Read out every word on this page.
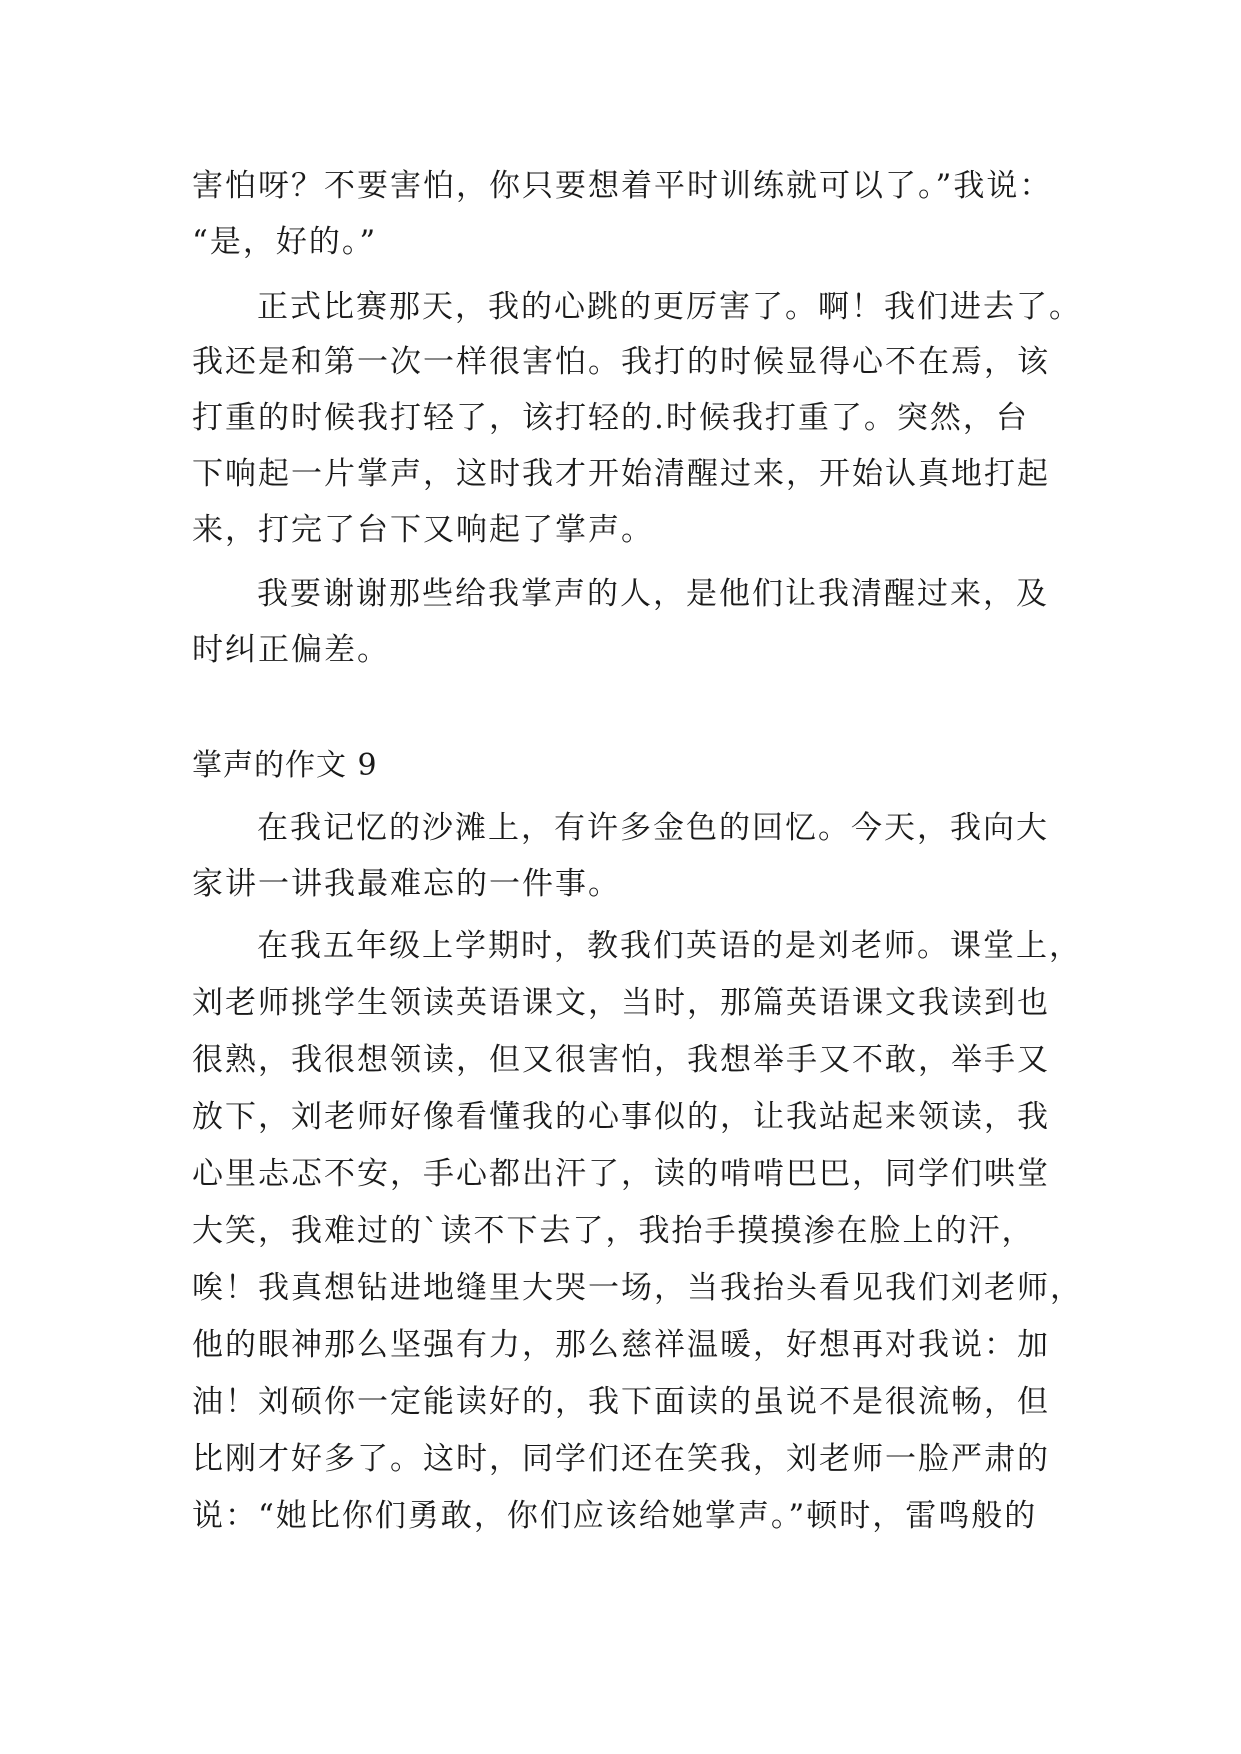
害怕呀？不要害怕，你只要想着平时训练就可以了。”我说：
“是，好的。”
正式比赛那天，我的心跳的更厉害了。啊！我们进去了。
我还是和第一次一样很害怕。我打的时候显得心不在焉，该
打重的时候我打轻了，该打轻的.时候我打重了。突然，台
下响起一片掌声，这时我才开始清醒过来，开始认真地打起
来，打完了台下又响起了掌声。
我要谢谢那些给我掌声的人，是他们让我清醒过来，及
时纠正偏差。
掌声的作文 9
在我记忆的沙滩上，有许多金色的回忆。今天，我向大
家讲一讲我最难忘的一件事。
在我五年级上学期时，教我们英语的是刘老师。课堂上，
刘老师挑学生领读英语课文，当时，那篇英语课文我读到也
很熟，我很想领读，但又很害怕，我想举手又不敢，举手又
放下，刘老师好像看懂我的心事似的，让我站起来领读，我
心里忐忑不安，手心都出汗了，读的啃啃巴巴，同学们哄堂
大笑，我难过的`读不下去了，我抬手摸摸渗在脸上的汗，
唉！我真想钻进地缝里大哭一场，当我抬头看见我们刘老师，
他的眼神那么坚强有力，那么慈祥温暖，好想再对我说：加
油！刘硕你一定能读好的，我下面读的虽说不是很流畅，但
比刚才好多了。这时，同学们还在笑我，刘老师一脸严肃的
说：“她比你们勇敢，你们应该给她掌声。”顿时，雷鸣般的
